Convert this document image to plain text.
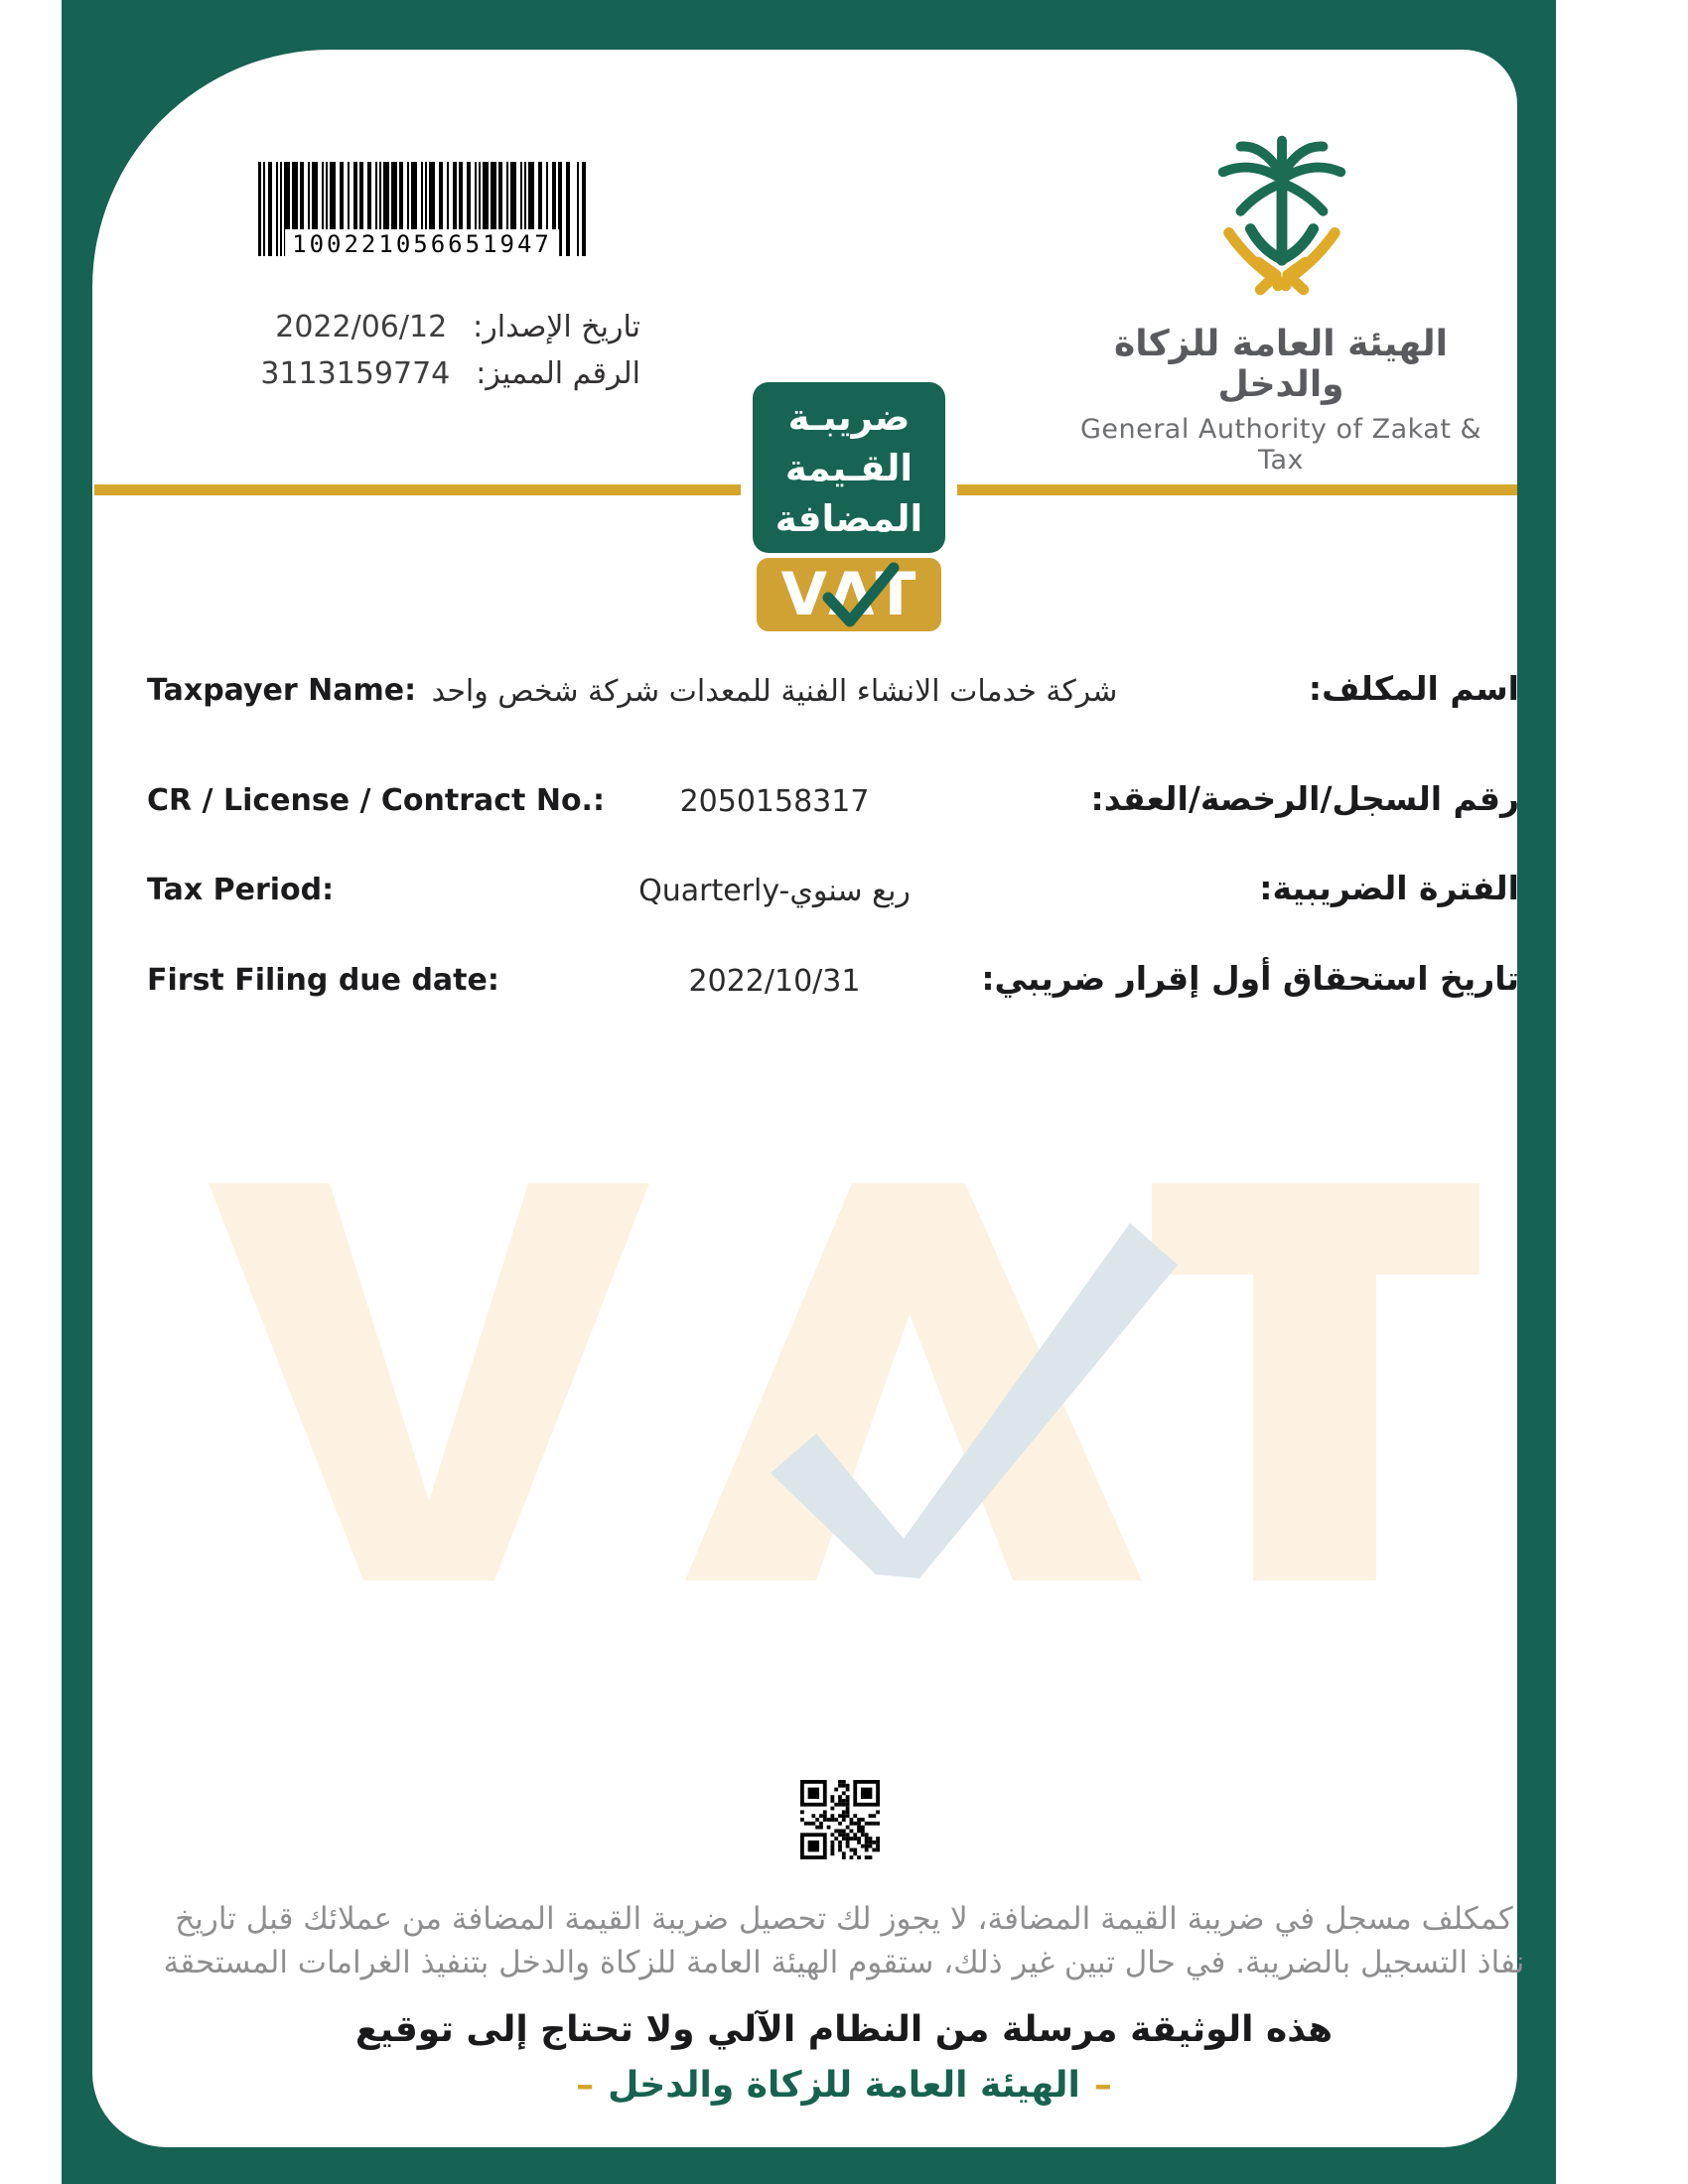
100221056651947
تاريخ الإصدار:
2022/06/12
الرقم المميز:
3113159774
الهيئة العامة للزكاة والدخل
General Authority of Zakat & Tax
ضريبـة
القـيمة
المضافة
V Λ T
Taxpayer Name: شركة خدمات الانشاء الفنية للمعدات شركة شخص واحد	اسم المكلف:
CR / License / Contract No.:	2050158317	رقم السجل/الرخصة/العقد:
Tax Period:	Quarterly-ربع سنوي	الفترة الضريبية:
First Filing due date:	2022/10/31	تاريخ استحقاق أول إقرار ضريبي:
كمكلف مسجل في ضريبة القيمة المضافة، لا يجوز لك تحصيل ضريبة القيمة المضافة من عملائك قبل تاريخ
نفاذ التسجيل بالضريبة. في حال تبين غير ذلك، ستقوم الهيئة العامة للزكاة والدخل بتنفيذ الغرامات المستحقة
هذه الوثيقة مرسلة من النظام الآلي ولا تحتاج إلى توقيع
–الهيئة العامة للزكاة والدخل–
